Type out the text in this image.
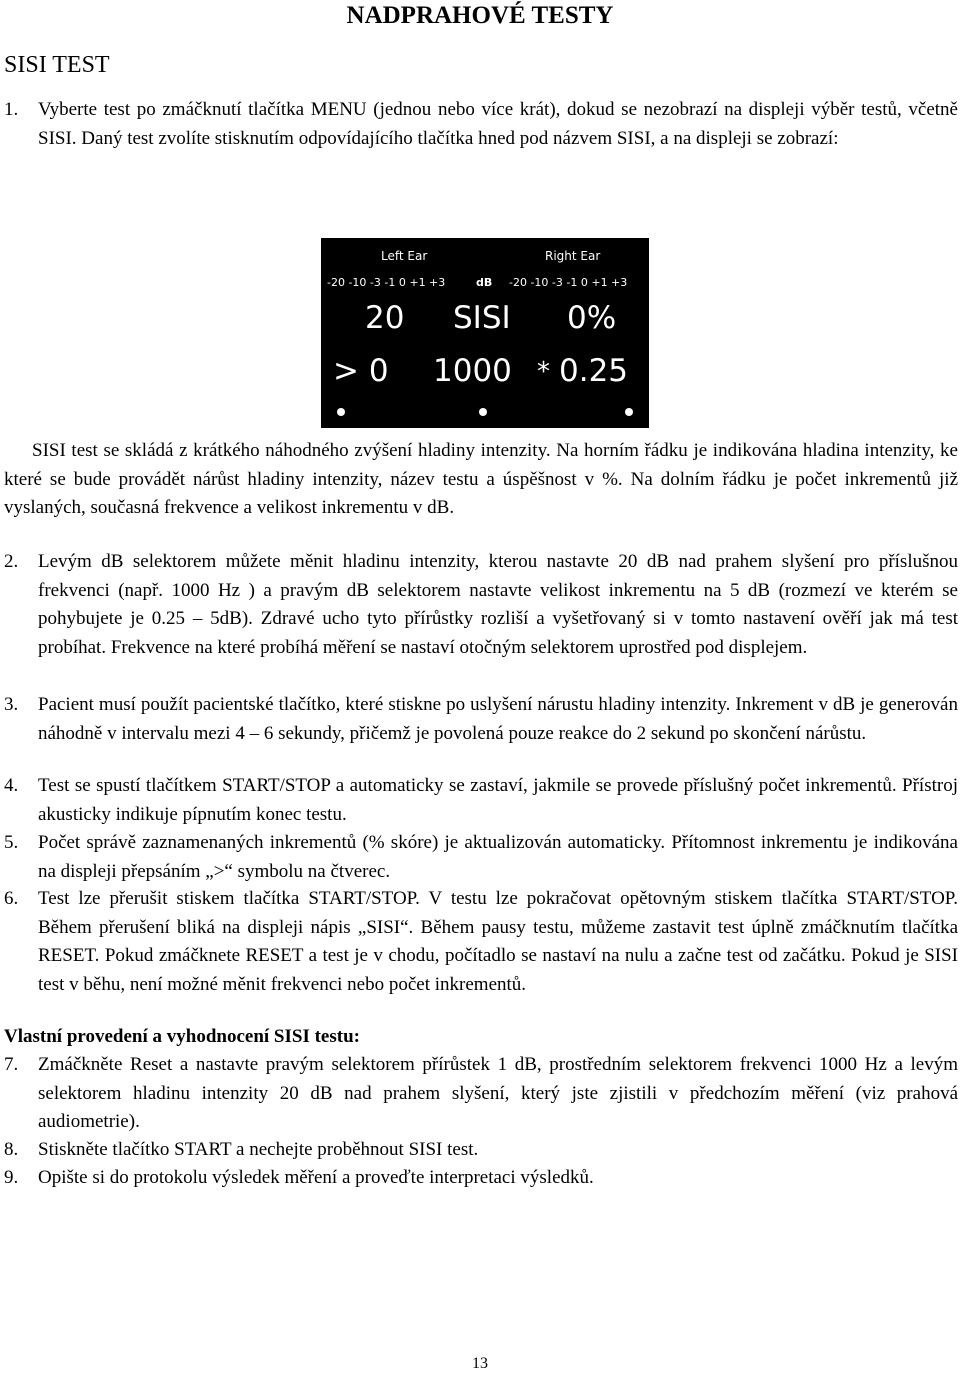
NADPRAHOVÉ TESTY
SISI TEST
1. Vyberte test po zmáčknutí tlačítka MENU (jednou nebo více krát), dokud se nezobrazí na displeji výběr testů, včetně SISI. Daný test zvolíte stisknutím odpovídajícího tlačítka hned pod názvem SISI, a na displeji se zobrazí:
Left Ear	Right Ear
-20 -10 -3 -1 0 +1 +3	dB -20 -10 -3 -1 0 +1 +3
20 SISI 0%
> 0 1000 * 0.25
SISI test se skládá z krátkého náhodného zvýšení hladiny intenzity. Na horním řádku je indikována hladina intenzity, ke které se bude provádět nárůst hladiny intenzity, název testu a úspěšnost v %. Na dolním řádku je počet inkrementů již vyslaných, současná frekvence a velikost inkrementu v dB.
2. Levým dB selektorem můžete měnit hladinu intenzity, kterou nastavte 20 dB nad prahem slyšení pro příslušnou frekvenci (např. 1000 Hz ) a pravým dB selektorem nastavte velikost inkrementu na 5 dB (rozmezí ve kterém se pohybujete je 0.25 – 5dB). Zdravé ucho tyto přírůstky rozliší a vyšetřovaný si v tomto nastavení ověří jak má test probíhat. Frekvence na které probíhá měření se nastaví otočným selektorem uprostřed pod displejem.
3. Pacient musí použít pacientské tlačítko, které stiskne po uslyšení nárustu hladiny intenzity. Inkrement v dB je generován náhodně v intervalu mezi 4 – 6 sekundy, přičemž je povolená pouze reakce do 2 sekund po skončení nárůstu.
4. Test se spustí tlačítkem START/STOP a automaticky se zastaví, jakmile se provede příslušný počet inkrementů. Přístroj akusticky indikuje pípnutím konec testu.
5. Počet správě zaznamenaných inkrementů (% skóre) je aktualizován automaticky. Přítomnost inkrementu je indikována na displeji přepsáním „>“ symbolu na čtverec.
6. Test lze přerušit stiskem tlačítka START/STOP. V testu lze pokračovat opětovným stiskem tlačítka START/STOP. Během přerušení bliká na displeji nápis „SISI“. Během pausy testu, můžeme zastavit test úplně zmáčknutím tlačítka RESET. Pokud zmáčknete RESET a test je v chodu, počítadlo se nastaví na nulu a začne test od začátku. Pokud je SISI test v běhu, není možné měnit frekvenci nebo počet inkrementů.
Vlastní provedení a vyhodnocení SISI testu:
7. Zmáčkněte Reset a nastavte pravým selektorem přírůstek 1 dB, prostředním selektorem frekvenci 1000 Hz a levým selektorem hladinu intenzity 20 dB nad prahem slyšení, který jste zjistili v předchozím měření (viz prahová audiometrie).
8. Stiskněte tlačítko START a nechejte proběhnout SISI test.
9. Opište si do protokolu výsledek měření a proveďte interpretaci výsledků.
13
